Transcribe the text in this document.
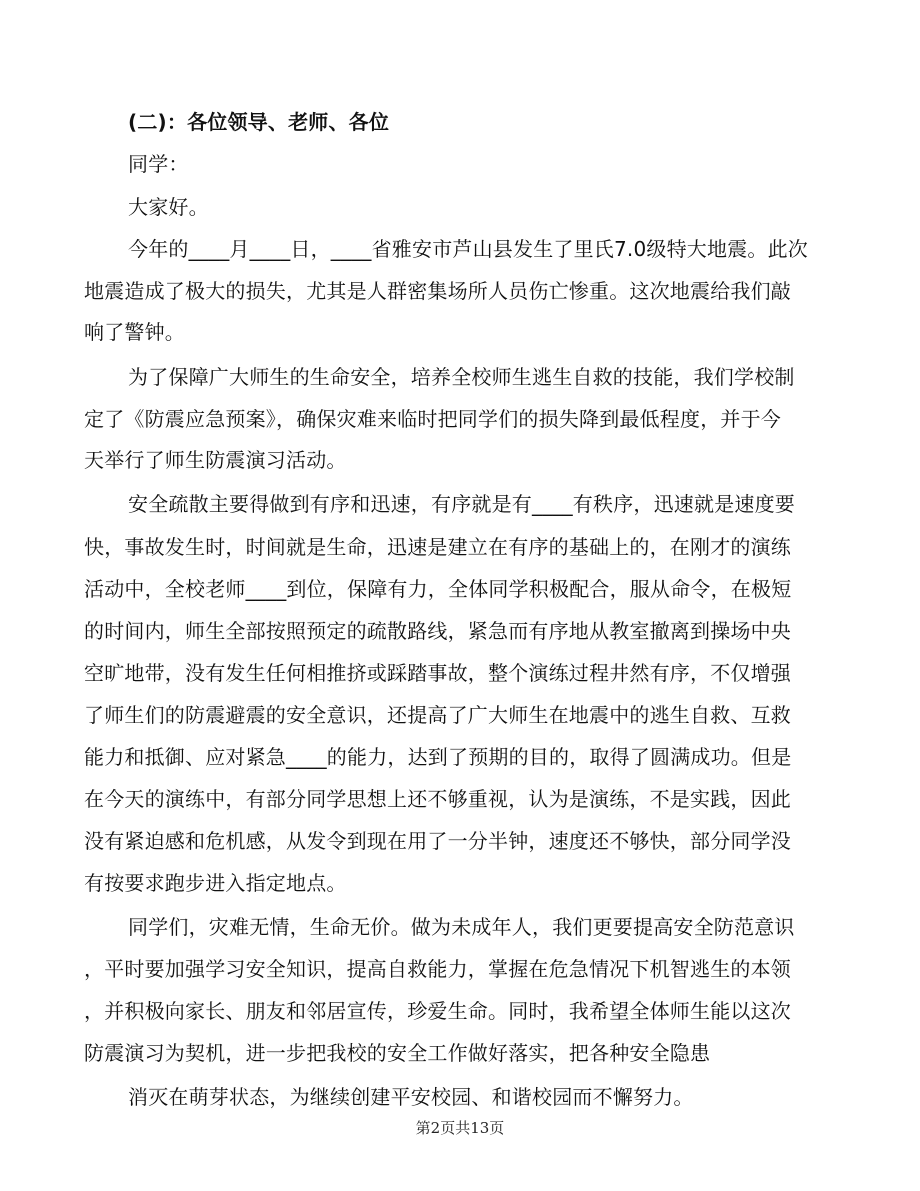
(二)：各位领导、老师、各位
同学：
大家好。
今年的____月____日，____省雅安市芦山县发生了里氏7.0级特大地震。此次
地震造成了极大的损失，尤其是人群密集场所人员伤亡惨重。这次地震给我们敲
响了警钟。
为了保障广大师生的生命安全，培养全校师生逃生自救的技能，我们学校制
定了《防震应急预案》，确保灾难来临时把同学们的损失降到最低程度，并于今
天举行了师生防震演习活动。
安全疏散主要得做到有序和迅速，有序就是有____有秩序，迅速就是速度要
快，事故发生时，时间就是生命，迅速是建立在有序的基础上的，在刚才的演练
活动中，全校老师____到位，保障有力，全体同学积极配合，服从命令，在极短
的时间内，师生全部按照预定的疏散路线，紧急而有序地从教室撤离到操场中央
空旷地带，没有发生任何相推挤或踩踏事故，整个演练过程井然有序，不仅增强
了师生们的防震避震的安全意识，还提高了广大师生在地震中的逃生自救、互救
能力和抵御、应对紧急____的能力，达到了预期的目的，取得了圆满成功。但是
在今天的演练中，有部分同学思想上还不够重视，认为是演练，不是实践，因此
没有紧迫感和危机感，从发令到现在用了一分半钟，速度还不够快，部分同学没
有按要求跑步进入指定地点。
同学们，灾难无情，生命无价。做为未成年人，我们更要提高安全防范意识
，平时要加强学习安全知识，提高自救能力，掌握在危急情况下机智逃生的本领
，并积极向家长、朋友和邻居宣传，珍爱生命。同时，我希望全体师生能以这次
防震演习为契机，进一步把我校的安全工作做好落实，把各种安全隐患
消灭在萌芽状态，为继续创建平安校园、和谐校园而不懈努力。
第2页共13页
